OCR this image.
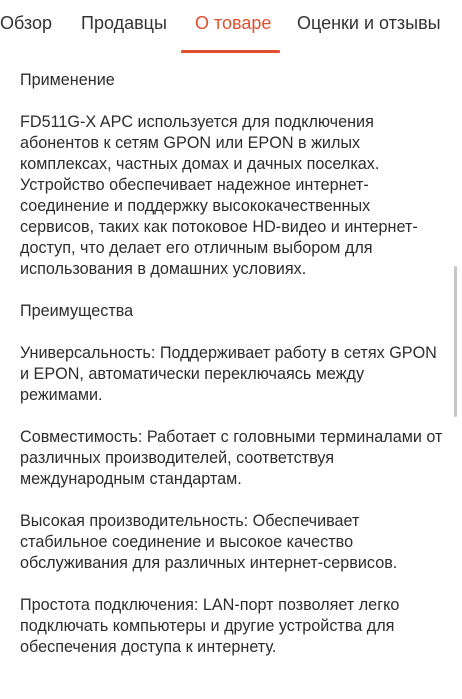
Обзор Продавцы О товаре Оценки и отзывы

Применение

FD511G-X APC используется для подключения абонентов к сетям GPON или EPON в жилых комплексах, частных домах и дачных поселках. Устройство обеспечивает надежное интернет-соединение и поддержку высококачественных сервисов, таких как потоковое HD-видео и интернет-доступ, что делает его отличным выбором для использования в домашних условиях.

Преимущества

Универсальность: Поддерживает работу в сетях GPON и EPON, автоматически переключаясь между режимами.

Совместимость: Работает с головными терминалами от различных производителей, соответствуя международным стандартам.

Высокая производительность: Обеспечивает стабильное соединение и высокое качество обслуживания для различных интернет-сервисов.

Простота подключения: LAN-порт позволяет легко подключать компьютеры и другие устройства для обеспечения доступа к интернету.
